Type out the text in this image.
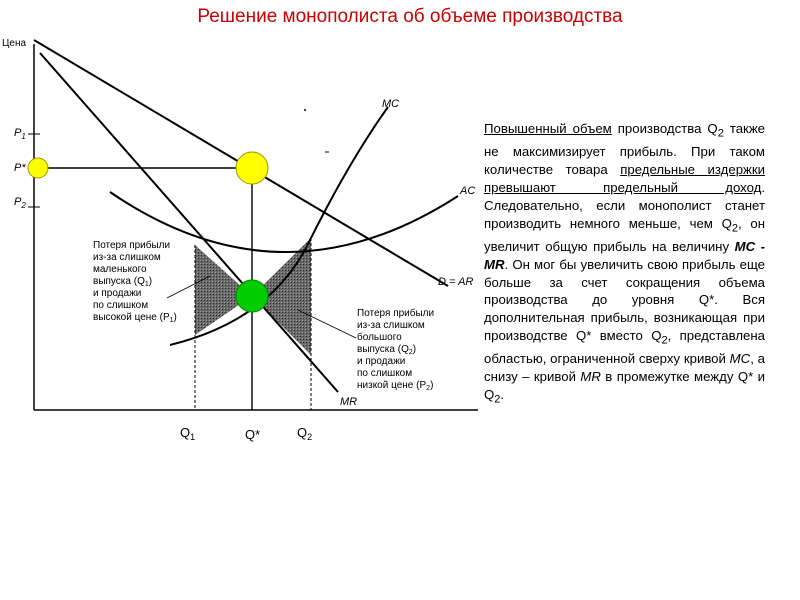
Решение монополиста об объеме производства
Цена
$P_1$
P*
$P_2$
MC
AC
D = AR
MR
Потеря прибыли
из-за слишком
маленького
выпуска $(Q_1)$
и продажи
по слишком
высокой цене $(P_1)$	Потеря прибыли
из-за слишком
большого
выпуска $(Q_2)$
и продажи
по слишком
низкой цене $(P_2)$
$Q_1$	Q*	$Q_2$
Повышенный объем производства $Q_2$ также не максимизирует прибыль. При таком количестве товара предельные издержки превышают предельный доход. Следовательно, если монополист станет производить немного меньше, чем $Q_2$, он увеличит общую прибыль на величину MC - MR. Он мог бы увеличить свою прибыль еще больше за счет сокращения объема производства до уровня Q*. Вся дополнительная прибыль, возникающая при производстве Q* вместо $Q_2$, представлена областью, ограниченной сверху кривой MC, а снизу – кривой MR в промежутке между Q* и $Q_2$.
